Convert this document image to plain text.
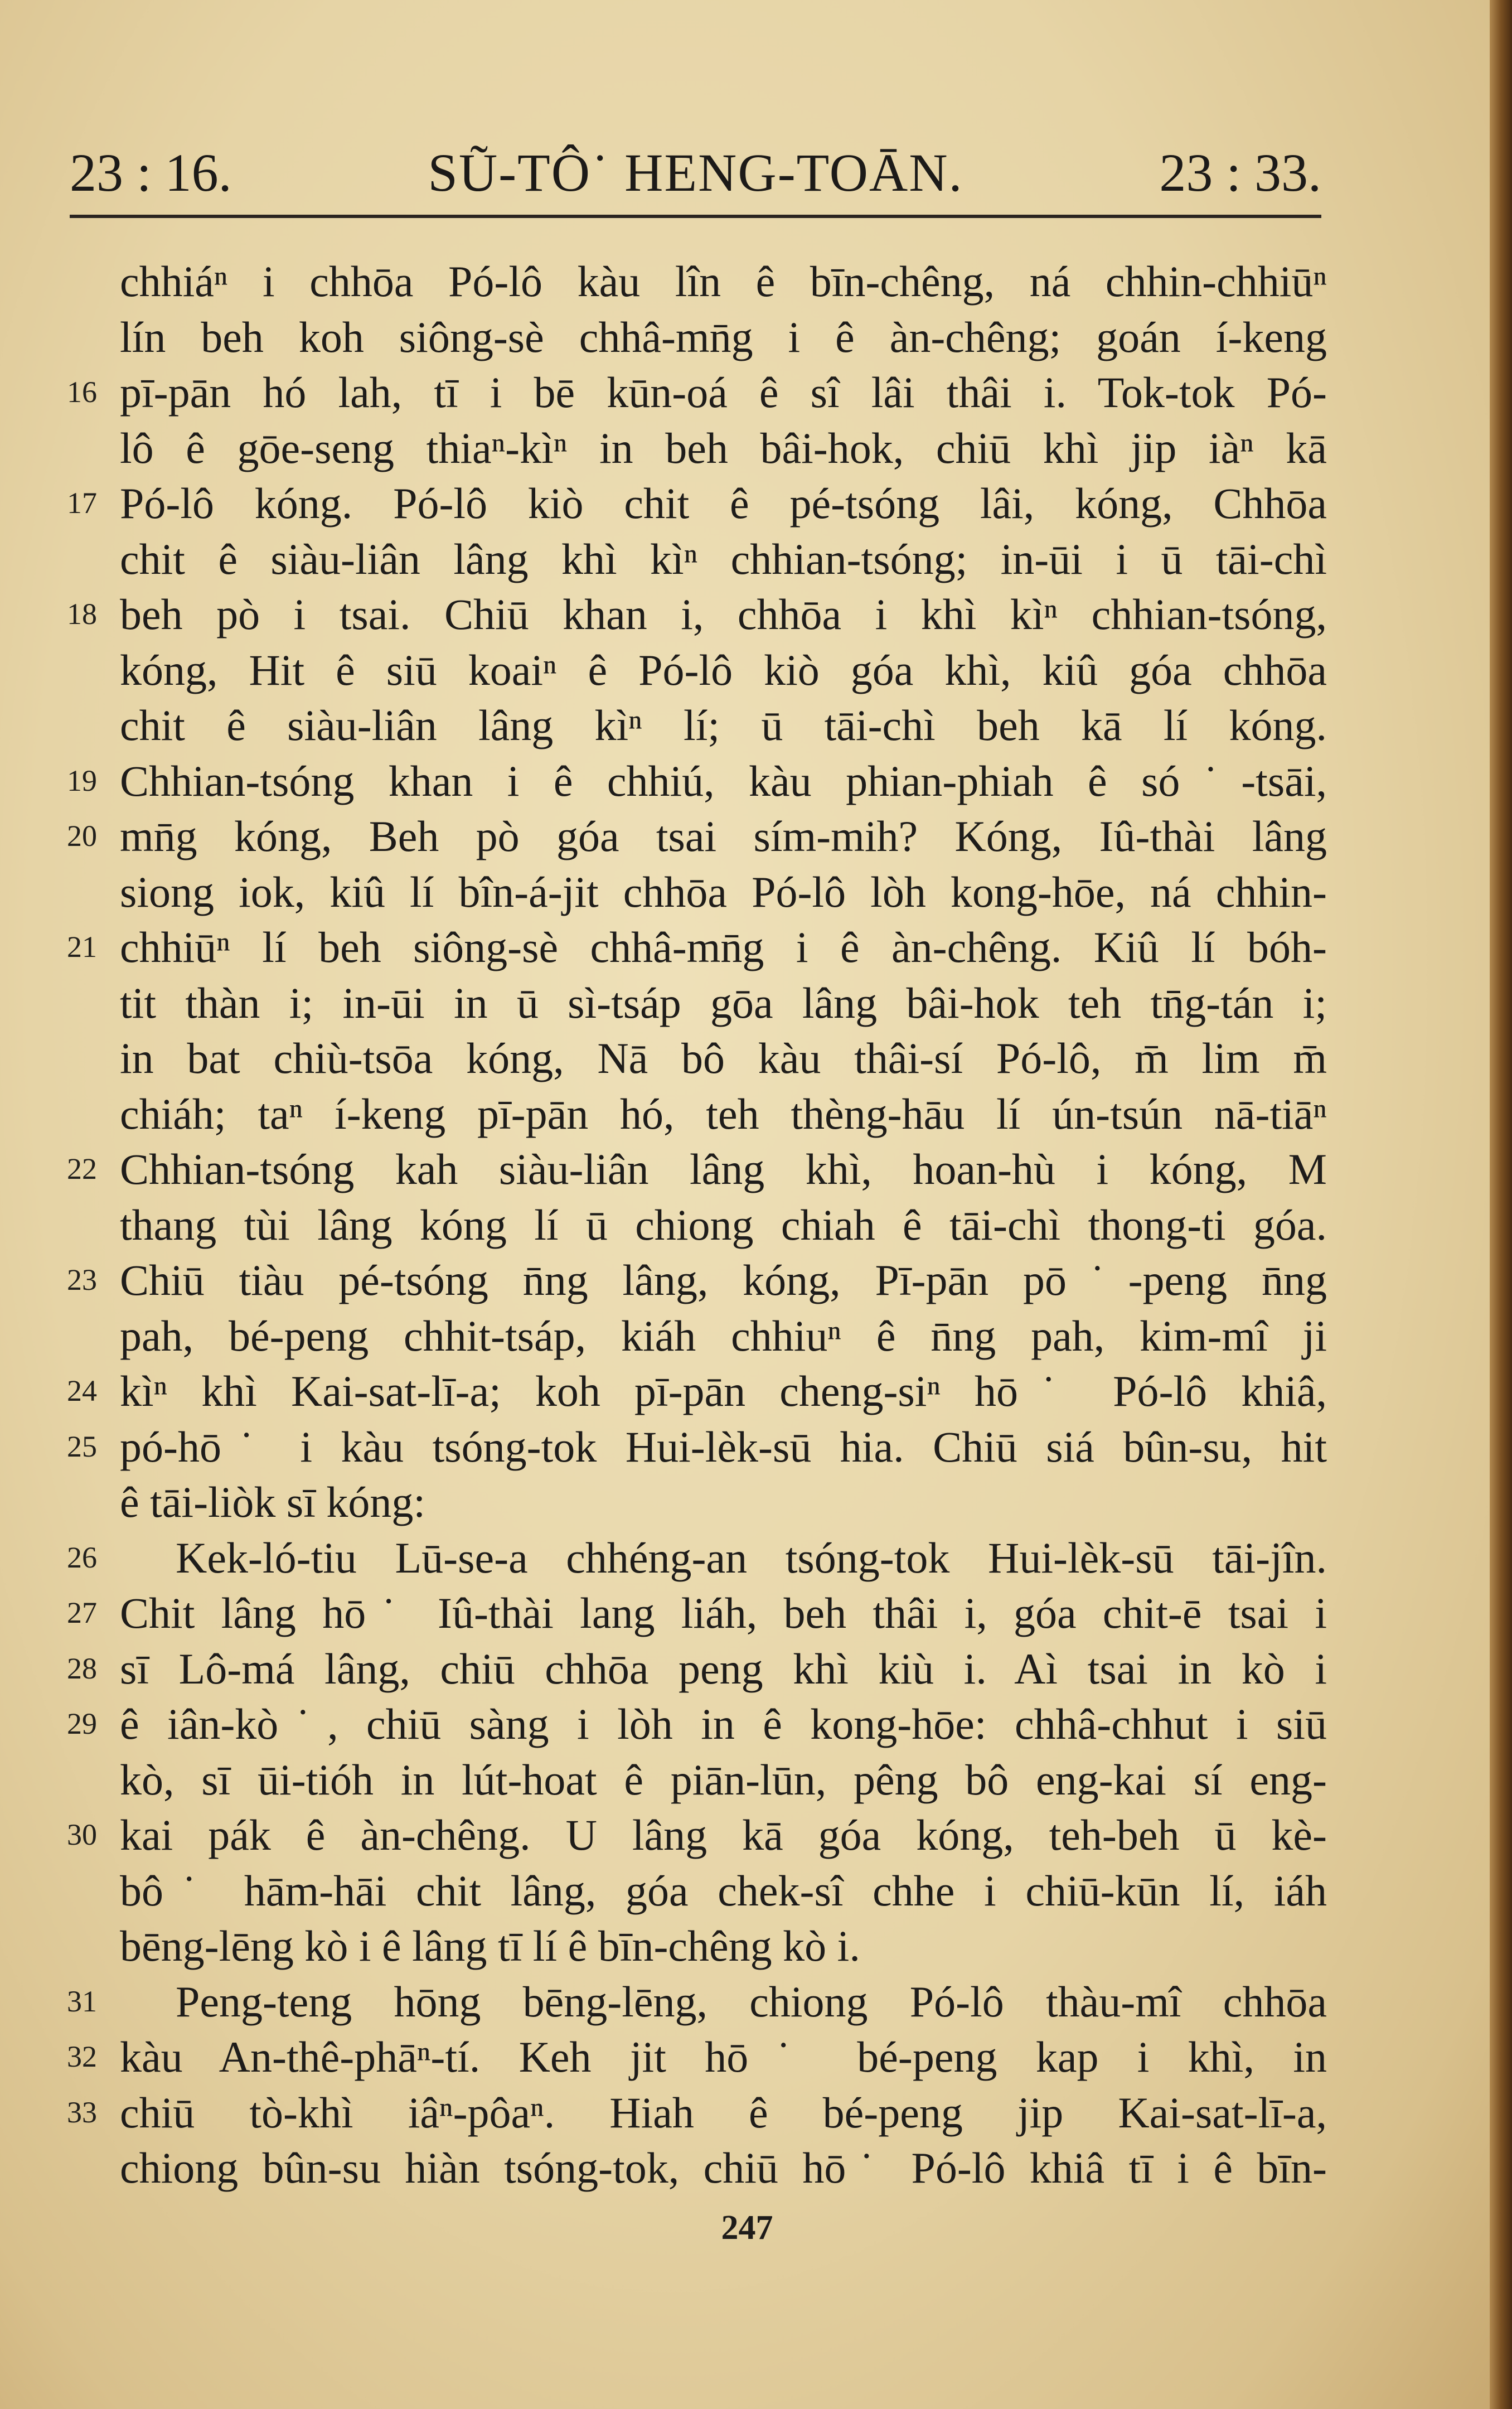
23 : 16.	SŨ-TÔ˙ HENG-TOĀN.	23 : 33.
chhiáⁿ i chhōa Pó-lô kàu lîn ê bīn-chêng, ná chhin-chhiūⁿ
lín beh koh siông-sè chhâ-mn̄g i ê àn-chêng; goán í-keng
16 pī-pān hó lah, tī i bē kūn-oá ê sî lâi thâi i. Tok-tok Pó-
lô ê gōe-seng thiaⁿ-kìⁿ in beh bâi-hok, chiū khì jip iàⁿ kā
17 Pó-lô kóng. Pó-lô kiò chit ê pé-tsóng lâi, kóng, Chhōa
chit ê siàu-liân lâng khì kìⁿ chhian-tsóng; in-ūi i ū tāi-chì
18 beh pò i tsai. Chiū khan i, chhōa i khì kìⁿ chhian-tsóng,
kóng, Hit ê siū koaiⁿ ê Pó-lô kiò góa khì, kiû góa chhōa
chit ê siàu-liân lâng kìⁿ lí; ū tāi-chì beh kā lí kóng.
19 Chhian-tsóng khan i ê chhiú, kàu phian-phiah ê só˙-tsāi,
20 mn̄g kóng, Beh pò góa tsai sím-mih? Kóng, Iû-thài lâng
siong iok, kiû lí bîn-á-jit chhōa Pó-lô lòh kong-hōe, ná chhin-
21 chhiūⁿ lí beh siông-sè chhâ-mn̄g i ê àn-chêng. Kiû lí bóh-
tit thàn i; in-ūi in ū sì-tsáp gōa lâng bâi-hok teh tn̄g-tán i;
in bat chiù-tsōa kóng, Nā bô kàu thâi-sí Pó-lô, m̄ lim m̄
chiáh; taⁿ í-keng pī-pān hó, teh thèng-hāu lí ún-tsún nā-tiāⁿ
22 Chhian-tsóng kah siàu-liân lâng khì, hoan-hù i kóng, M
thang tùi lâng kóng lí ū chiong chiah ê tāi-chì thong-ti góa.
23 Chiū tiàu pé-tsóng n̄ng lâng, kóng, Pī-pān pō˙-peng n̄ng
pah, bé-peng chhit-tsáp, kiáh chhiuⁿ ê n̄ng pah, kim-mî ji
24 kìⁿ khì Kai-sat-lī-a; koh pī-pān cheng-siⁿ hō˙ Pó-lô khiâ,
25 pó-hō˙ i kàu tsóng-tok Hui-lèk-sū hia. Chiū siá bûn-su, hit
ê tāi-liòk sī kóng:
26	Kek-ló-tiu Lū-se-a chhéng-an tsóng-tok Hui-lèk-sū tāi-jîn.
27 Chit lâng hō˙ Iû-thài lang liáh, beh thâi i, góa chit-ē tsai i
28 sī Lô-má lâng, chiū chhōa peng khì kiù i. Aì tsai in kò i
29 ê iân-kò˙, chiū sàng i lòh in ê kong-hōe: chhâ-chhut i siū
kò, sī ūi-tióh in lút-hoat ê piān-lūn, pêng bô eng-kai sí eng-
30 kai pák ê àn-chêng. U lâng kā góa kóng, teh-beh ū kè-
bô˙ hām-hāi chit lâng, góa chek-sî chhe i chiū-kūn lí, iáh
bēng-lēng kò i ê lâng tī lí ê bīn-chêng kò i.
31	Peng-teng hōng bēng-lēng, chiong Pó-lô thàu-mî chhōa
32 kàu An-thê-phāⁿ-tí. Keh jit hō˙ bé-peng kap i khì, in
33 chiū tò-khì iâⁿ-pôaⁿ. Hiah ê bé-peng jip Kai-sat-lī-a,
chiong bûn-su hiàn tsóng-tok, chiū hō˙ Pó-lô khiâ tī i ê bīn-
247
